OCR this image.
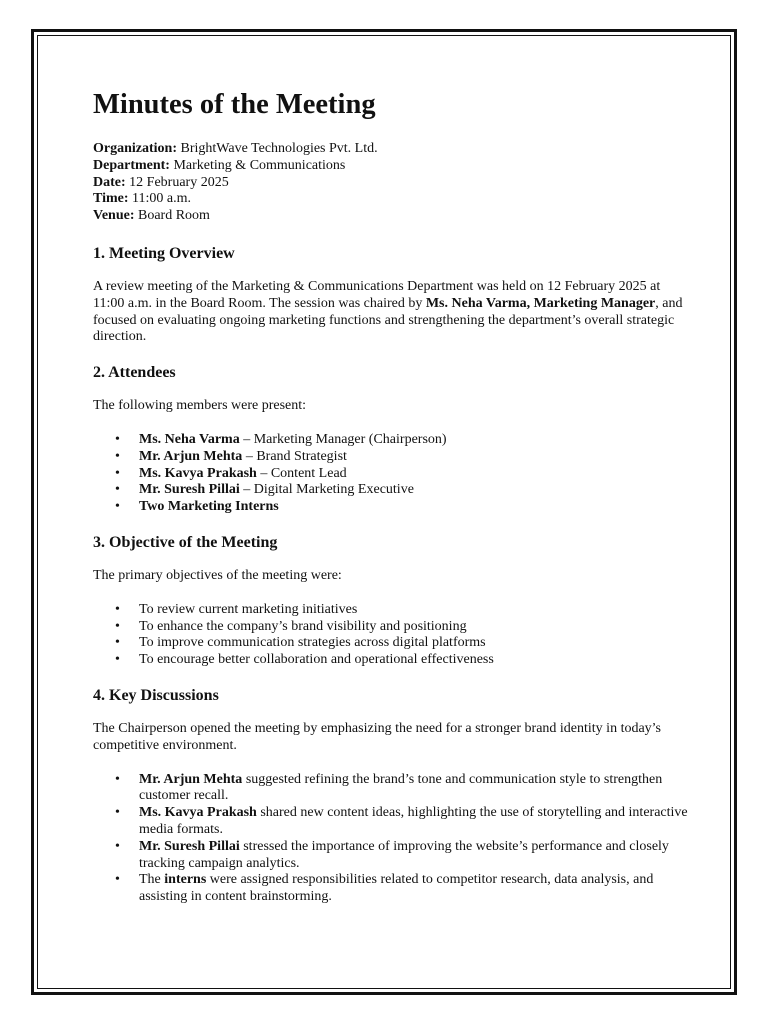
Minutes of the Meeting

Organization: BrightWave Technologies Pvt. Ltd.

Department: Marketing & Communications

Date: 12 February 2025

Time: 11:00 a.m.

Venue: Board Room

1. Meeting Overview

A review meeting of the Marketing & Communications Department was held on 12 February 2025 at 11:00 a.m. in the Board Room. The session was chaired by Ms. Neha Varma, Marketing Manager, and focused on evaluating ongoing marketing functions and strengthening the department’s overall strategic direction.

2. Attendees

The following members were present:

• Ms. Neha Varma – Marketing Manager (Chairperson)
• Mr. Arjun Mehta – Brand Strategist
• Ms. Kavya Prakash – Content Lead
• Mr. Suresh Pillai – Digital Marketing Executive
• Two Marketing Interns
3. Objective of the Meeting

The primary objectives of the meeting were:

• To review current marketing initiatives
• To enhance the company’s brand visibility and positioning
• To improve communication strategies across digital platforms
• To encourage better collaboration and operational effectiveness
4. Key Discussions

The Chairperson opened the meeting by emphasizing the need for a stronger brand identity in today’s competitive environment.

• Mr. Arjun Mehta suggested refining the brand’s tone and communication style to strengthen customer recall.
• Ms. Kavya Prakash shared new content ideas, highlighting the use of storytelling and interactive media formats.
• Mr. Suresh Pillai stressed the importance of improving the website’s performance and closely tracking campaign analytics.
• The interns were assigned responsibilities related to competitor research, data analysis, and assisting in content brainstorming.
